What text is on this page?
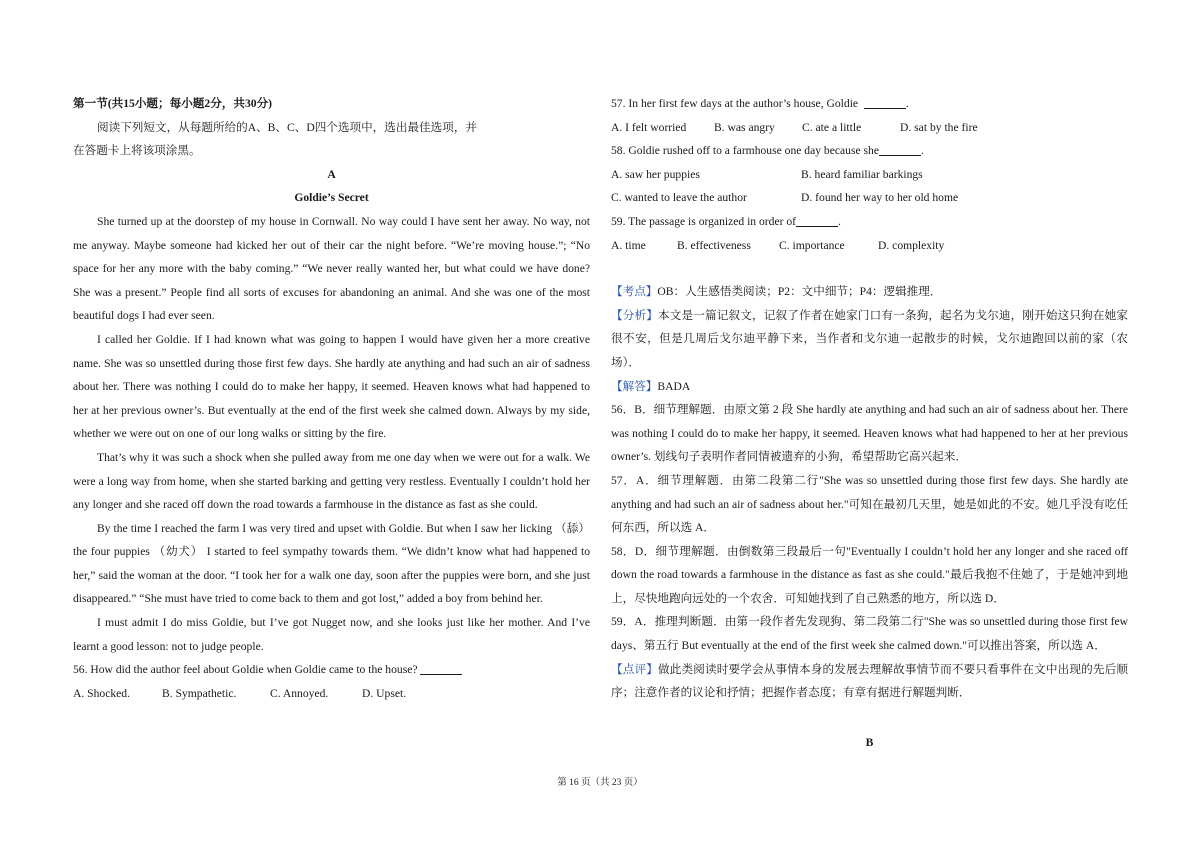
第一节(共15小题；每小题2分，共30分)

阅读下列短文，从每题所给的A、B、C、D四个选项中，选出最佳选项，并

在答题卡上将该项涂黑。

A

Goldie’s Secret

She turned up at the doorstep of my house in Cornwall. No way could I have sent her away. No way, not me anyway. Maybe someone had kicked her out of their car the night before. “We’re moving house.”; “No space for her any more with the baby coming.” “We never really wanted her, but what could we have done? She was a present.” People find all sorts of excuses for abandoning an animal. And she was one of the most beautiful dogs I had ever seen.

I called her Goldie. If I had known what was going to happen I would have given her a more creative name. She was so unsettled during those first few days. She hardly ate anything and had such an air of sadness about her. There was nothing I could do to make her happy, it seemed. Heaven knows what had happened to her at her previous owner’s. But eventually at the end of the first week she calmed down. Always by my side, whether we were out on one of our long walks or sitting by the fire.

That’s why it was such a shock when she pulled away from me one day when we were out for a walk. We were a long way from home, when she started barking and getting very restless. Eventually I couldn’t hold her any longer and she raced off down the road towards a farmhouse in the distance as fast as she could.

By the time I reached the farm I was very tired and upset with Goldie. But when I saw her licking （舔） the four puppies （幼犬） I started to feel sympathy towards them. “We didn’t know what had happened to her,” said the woman at the door. “I took her for a walk one day, soon after the puppies were born, and she just disappeared.” “She must have tried to come back to them and got lost,” added a boy from behind her.

I must admit I do miss Goldie, but I’ve got Nugget now, and she looks just like her mother. And I’ve learnt a good lesson: not to judge people.

56. How did the author feel about Goldie when Goldie came to the house?

A. Shocked.	B. Sympathetic.	C. Annoyed.	D. Upset.

57. In her first few days at the author’s house, Goldie	.

A. I felt worried	B. was angry	C. ate a little	D. sat by the fire

58. Goldie rushed off to a farmhouse one day because she	.

A. saw her puppies	B. heard familiar barkings
C. wanted to leave the author	D. found her way to her old home

59. The passage is organized in order of	.

A. time	B. effectiveness	C. importance	D. complexity

【考点】OB：人生感悟类阅读；P2：文中细节；P4：逻辑推理．

【分析】本文是一篇记叙文，记叙了作者在她家门口有一条狗，起名为戈尔迪，刚开始这只狗在她家很不安，但是几周后戈尔迪平静下来，当作者和戈尔迪一起散步的时候，戈尔迪跑回以前的家（农场）．

【解答】BADA

56．B．细节理解题．由原文第 2 段 She hardly ate anything and had such an air of sadness about her. There was nothing I could do to make her happy, it seemed. Heaven knows what had happened to her at her previous owner’s. 划线句子表明作者同情被遗弃的小狗，希望帮助它高兴起来．

57．A．细节理解题．由第二段第二行"She was so unsettled during those first few days. She hardly ate anything and had such an air of sadness about her."可知在最初几天里，她是如此的不安。她几乎没有吃任何东西，所以选 A．

58．D．细节理解题．由倒数第三段最后一句"Eventually I couldn’t hold her any longer and she raced off down the road towards a farmhouse in the distance as fast as she could."最后我抱不住她了，于是她冲到地上，尽快地跑向远处的一个农舍．可知她找到了自己熟悉的地方，所以选 D．

59．A．推理判断题．由第一段作者先发现狗、第二段第二行"She was so unsettled during those first few days、第五行 But eventually at the end of the first week she calmed down."可以推出答案，所以选 A．

【点评】做此类阅读时要学会从事情本身的发展去理解故事情节而不要只看事件在文中出现的先后顺序；注意作者的议论和抒情；把握作者态度；有章有据进行解题判断．

B
第 16 页（共 23 页）
